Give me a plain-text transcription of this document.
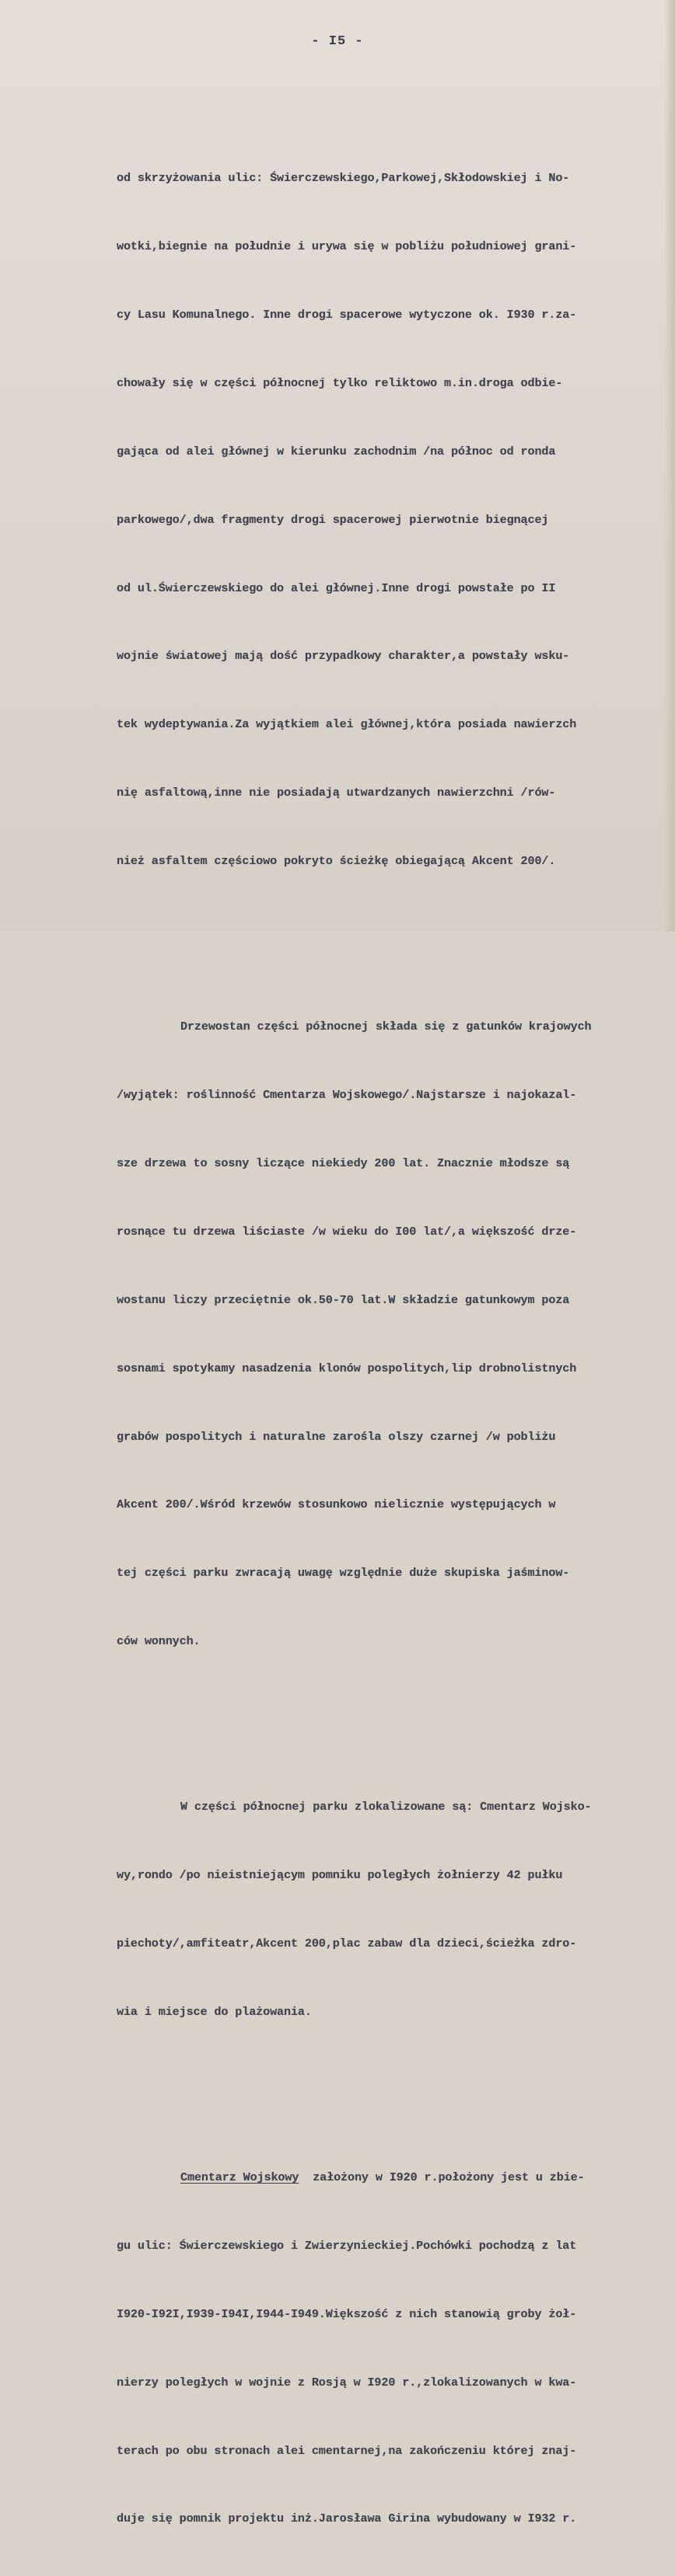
- I5 -

od skrzyżowania ulic: Świerczewskiego,Parkowej,Skłodowskiej i No-

wotki,biegnie na południe i urywa się w pobliżu południowej grani-

cy Lasu Komunalnego. Inne drogi spacerowe wytyczone ok. I930 r.za-

chowały się w części północnej tylko reliktowo m.in.droga odbie-

gająca od alei głównej w kierunku zachodnim /na północ od ronda

parkowego/,dwa fragmenty drogi spacerowej pierwotnie biegnącej

od ul.Świerczewskiego do alei głównej.Inne drogi powstałe po II

wojnie światowej mają dość przypadkowy charakter,a powstały wsku-

tek wydeptywania.Za wyjątkiem alei głównej,która posiada nawierzch

nię asfaltową,inne nie posiadają utwardzanych nawierzchni /rów-

nież asfaltem częściowo pokryto ścieżkę obiegającą Akcent 200/.

Drzewostan części północnej składa się z gatunków krajowych

/wyjątek: roślinność Cmentarza Wojskowego/.Najstarsze i najokazal-

sze drzewa to sosny liczące niekiedy 200 lat. Znacznie młodsze są

rosnące tu drzewa liściaste /w wieku do I00 lat/,a większość drze-

wostanu liczy przeciętnie ok.50-70 lat.W składzie gatunkowym poza

sosnami spotykamy nasadzenia klonów pospolitych,lip drobnolistnych

grabów pospolitych i naturalne zarośla olszy czarnej /w pobliżu

Akcent 200/.Wśród krzewów stosunkowo nielicznie występujących w

tej części parku zwracają uwagę względnie duże skupiska jaśminow-

ców wonnych.

W części północnej parku zlokalizowane są: Cmentarz Wojsko-

wy,rondo /po nieistniejącym pomniku poległych żołnierzy 42 pułku

piechoty/,amfiteatr,Akcent 200,plac zabaw dla dzieci,ścieżka zdro-

wia i miejsce do plażowania.

Cmentarz Wojskowy  założony w I920 r.położony jest u zbie-

gu ulic: Świerczewskiego i Zwierzynieckiej.Pochówki pochodzą z lat

I920-I92I,I939-I94I,I944-I949.Większość z nich stanowią groby żoł-

nierzy poległych w wojnie z Rosją w I920 r.,zlokalizowanych w kwa-

terach po obu stronach alei cmentarnej,na zakończeniu której znaj-

duje się pomnik projektu inż.Jarosława Girina wybudowany w I932 r.
